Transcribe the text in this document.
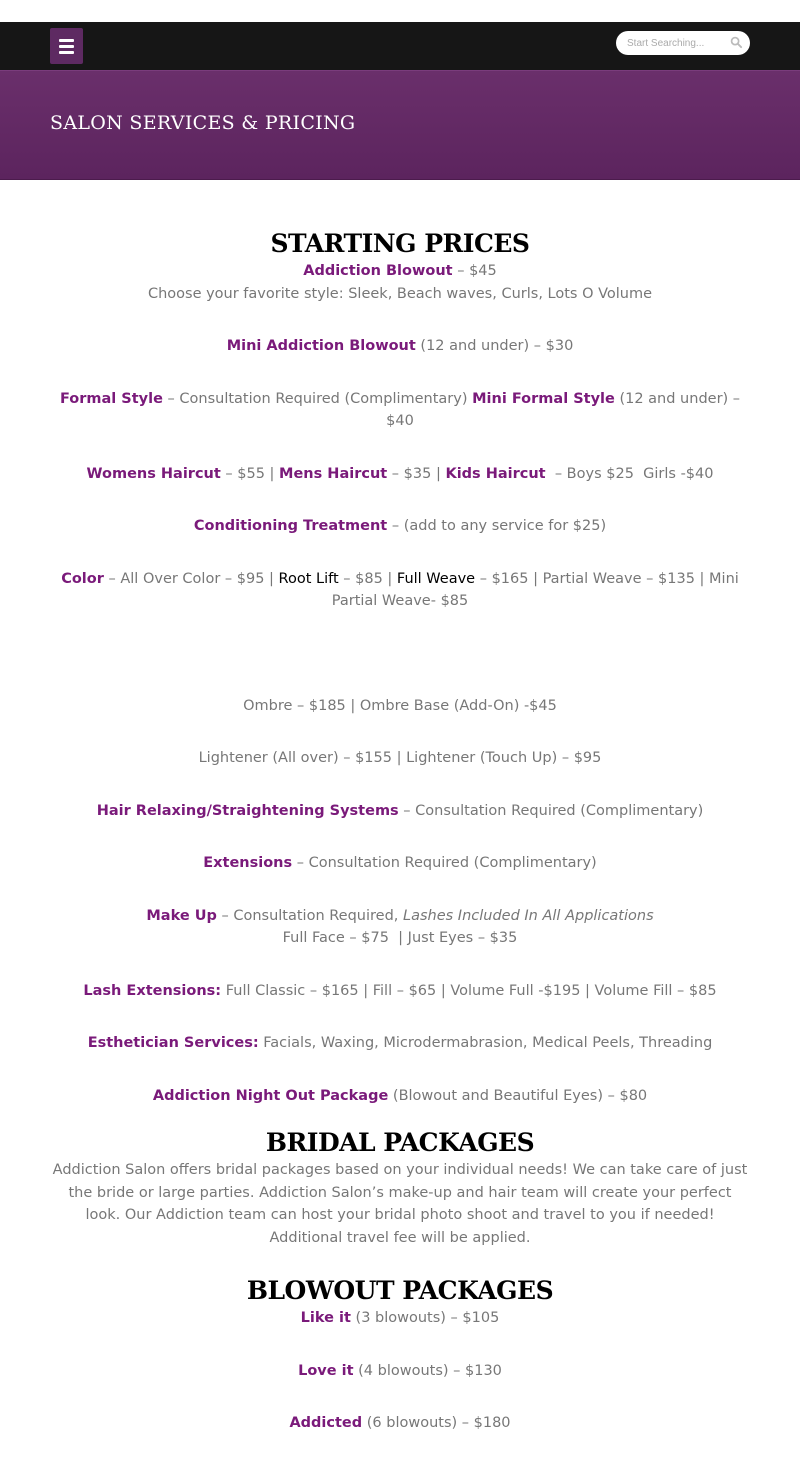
Start Searching...
SALON SERVICES & PRICING
STARTING PRICES

Addiction Blowout – $45

Choose your favorite style: Sleek, Beach waves, Curls, Lots O Volume

Mini Addiction Blowout (12 and under) – $30

Formal Style – Consultation Required (Complimentary) Mini Formal Style (12 and under) – $40

Womens Haircut – $55 | Mens Haircut – $35 | Kids Haircut  – Boys $25  Girls -$40

Conditioning Treatment – (add to any service for $25)

Color – All Over Color – $95 | Root Lift – $85 | Full Weave – $165 | Partial Weave – $135 | Mini Partial Weave- $85

Ombre – $185 | Ombre Base (Add-On) -$45

Lightener (All over) – $155 | Lightener (Touch Up) – $95

Hair Relaxing/Straightening Systems – Consultation Required (Complimentary)

Extensions – Consultation Required (Complimentary)

Make Up – Consultation Required, Lashes Included In All Applications

Full Face – $75  | Just Eyes – $35

Lash Extensions: Full Classic – $165 | Fill – $65 | Volume Full -$195 | Volume Fill – $85

Esthetician Services: Facials, Waxing, Microdermabrasion, Medical Peels, Threading

Addiction Night Out Package (Blowout and Beautiful Eyes) – $80

BRIDAL PACKAGES

Addiction Salon offers bridal packages based on your individual needs! We can take care of just the bride or large parties. Addiction Salon’s make-up and hair team will create your perfect look. Our Addiction team can host your bridal photo shoot and travel to you if needed! Additional travel fee will be applied.

BLOWOUT PACKAGES

Like it (3 blowouts) – $105

Love it (4 blowouts) – $130

Addicted (6 blowouts) – $180
